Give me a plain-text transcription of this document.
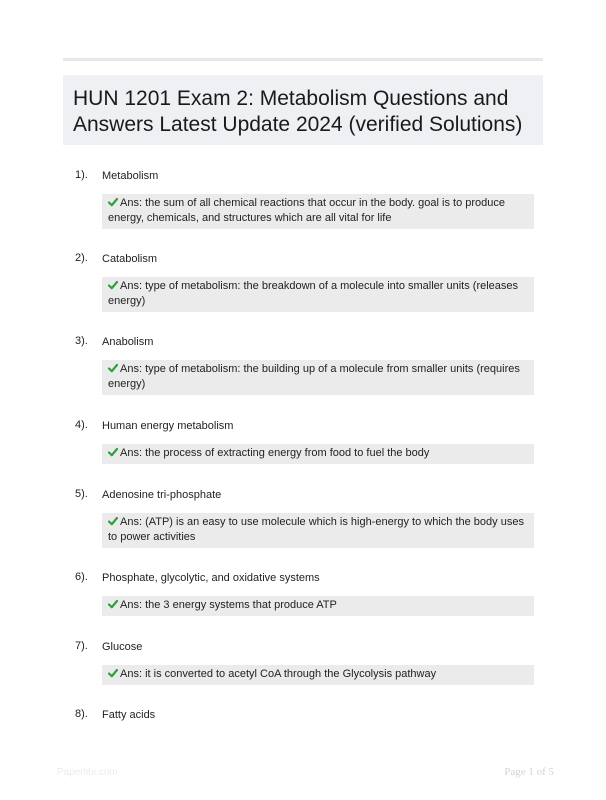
HUN 1201 Exam 2: Metabolism Questions and Answers Latest Update 2024 (verified Solutions)
1). Metabolism
Ans: the sum of all chemical reactions that occur in the body. goal is to produce energy, chemicals, and structures which are all vital for life
2). Catabolism
Ans: type of metabolism: the breakdown of a molecule into smaller units (releases energy)
3). Anabolism
Ans: type of metabolism: the building up of a molecule from smaller units (requires energy)
4). Human energy metabolism
Ans: the process of extracting energy from food to fuel the body
5). Adenosine tri-phosphate
Ans: (ATP) is an easy to use molecule which is high-energy to which the body uses to power activities
6). Phosphate, glycolytic, and oxidative systems
Ans: the 3 energy systems that produce ATP
7). Glucose
Ans: it is converted to acetyl CoA through the Glycolysis pathway
8). Fatty acids
Paperlibi.com	Page 1 of 5
